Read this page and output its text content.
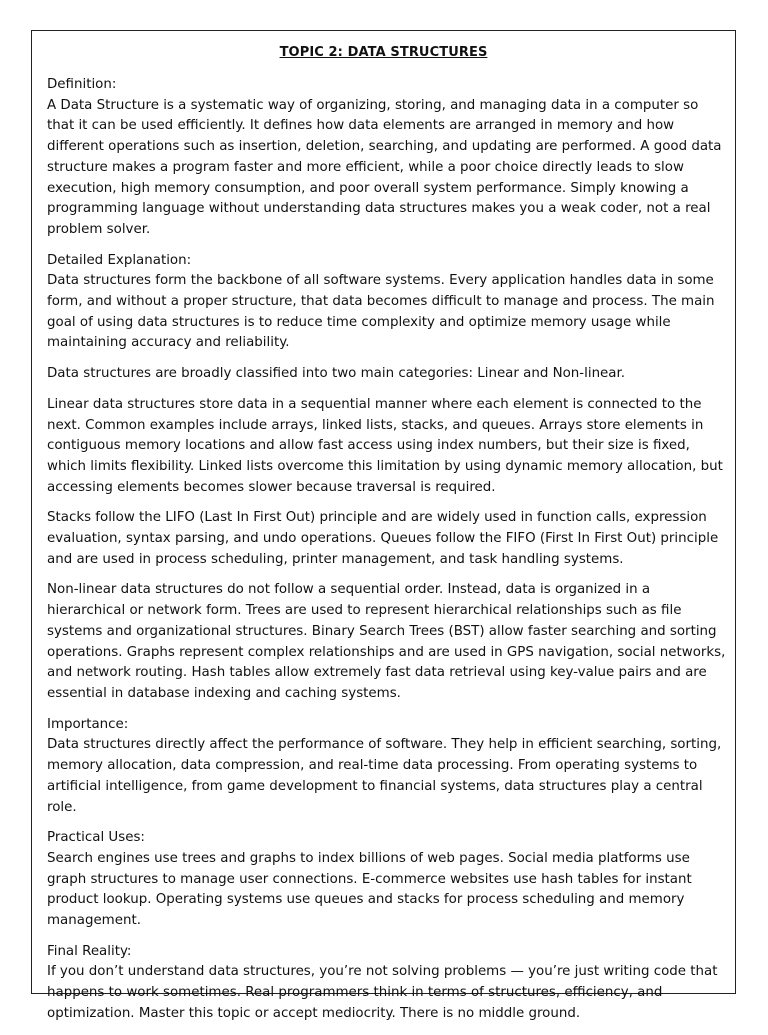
TOPIC 2: DATA STRUCTURES

Definition:
A Data Structure is a systematic way of organizing, storing, and managing data in a computer so that it can be used efficiently. It defines how data elements are arranged in memory and how different operations such as insertion, deletion, searching, and updating are performed. A good data structure makes a program faster and more efficient, while a poor choice directly leads to slow execution, high memory consumption, and poor overall system performance. Simply knowing a programming language without understanding data structures makes you a weak coder, not a real problem solver.

Detailed Explanation:
Data structures form the backbone of all software systems. Every application handles data in some form, and without a proper structure, that data becomes difficult to manage and process. The main goal of using data structures is to reduce time complexity and optimize memory usage while maintaining accuracy and reliability.

Data structures are broadly classified into two main categories: Linear and Non-linear.

Linear data structures store data in a sequential manner where each element is connected to the next. Common examples include arrays, linked lists, stacks, and queues. Arrays store elements in contiguous memory locations and allow fast access using index numbers, but their size is fixed, which limits flexibility. Linked lists overcome this limitation by using dynamic memory allocation, but accessing elements becomes slower because traversal is required.

Stacks follow the LIFO (Last In First Out) principle and are widely used in function calls, expression evaluation, syntax parsing, and undo operations. Queues follow the FIFO (First In First Out) principle and are used in process scheduling, printer management, and task handling systems.

Non-linear data structures do not follow a sequential order. Instead, data is organized in a hierarchical or network form. Trees are used to represent hierarchical relationships such as file systems and organizational structures. Binary Search Trees (BST) allow faster searching and sorting operations. Graphs represent complex relationships and are used in GPS navigation, social networks, and network routing. Hash tables allow extremely fast data retrieval using key-value pairs and are essential in database indexing and caching systems.

Importance:
Data structures directly affect the performance of software. They help in efficient searching, sorting, memory allocation, data compression, and real-time data processing. From operating systems to artificial intelligence, from game development to financial systems, data structures play a central role.

Practical Uses:
Search engines use trees and graphs to index billions of web pages. Social media platforms use graph structures to manage user connections. E-commerce websites use hash tables for instant product lookup. Operating systems use queues and stacks for process scheduling and memory management.

Final Reality:
If you don’t understand data structures, you’re not solving problems — you’re just writing code that happens to work sometimes. Real programmers think in terms of structures, efficiency, and optimization. Master this topic or accept mediocrity. There is no middle ground.
